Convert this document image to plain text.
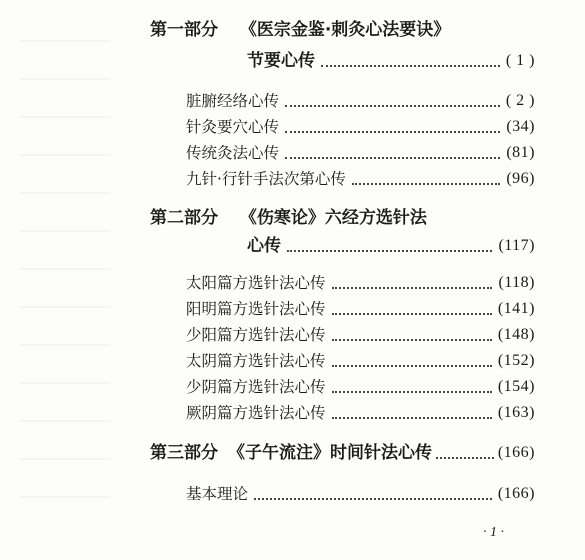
第一部分 《医宗金鉴·刺灸心法要诀》
节要心传	( 1 )
脏腑经络心传	( 2 )
针灸要穴心传	(34)
传统灸法心传	(81)
九针·行针手法次第心传	(96)
第二部分 《伤寒论》六经方选针法
心传	(117)
太阳篇方选针法心传	(118)
阳明篇方选针法心传	(141)
少阳篇方选针法心传	(148)
太阴篇方选针法心传	(152)
少阴篇方选针法心传	(154)
厥阴篇方选针法心传	(163)
第三部分 《子午流注》时间针法心传	(166)
基本理论	(166)
· 1 ·
